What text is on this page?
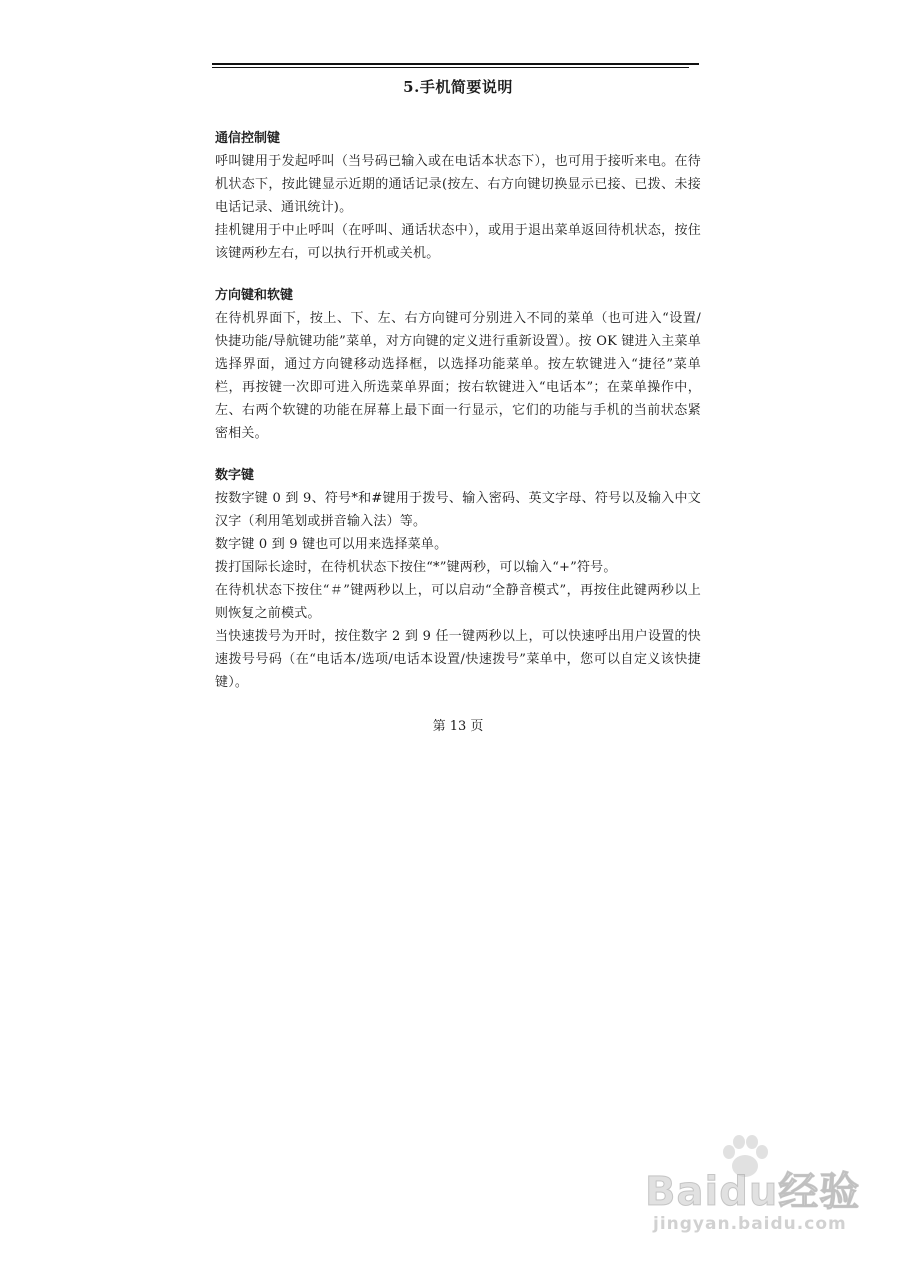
5.手机简要说明

通信控制键

呼叫键用于发起呼叫（当号码已输入或在电话本状态下），也可用于接听来电。在待机状态下，按此键显示近期的通话记录(按左、右方向键切换显示已接、已拨、未接电话记录、通讯统计)。

挂机键用于中止呼叫（在呼叫、通话状态中），或用于退出菜单返回待机状态，按住该键两秒左右，可以执行开机或关机。

方向键和软键

在待机界面下，按上、下、左、右方向键可分别进入不同的菜单（也可进入“设置/快捷功能/导航键功能”菜单，对方向键的定义进行重新设置）。按 OK 键进入主菜单选择界面，通过方向键移动选择框，以选择功能菜单。按左软键进入“捷径”菜单栏，再按键一次即可进入所选菜单界面；按右软键进入“电话本”；在菜单操作中，左、右两个软键的功能在屏幕上最下面一行显示，它们的功能与手机的当前状态紧密相关。

数字键

按数字键 0 到 9、符号*和#键用于拨号、输入密码、英文字母、符号以及输入中文汉字（利用笔划或拼音输入法）等。

数字键 0 到 9 键也可以用来选择菜单。

拨打国际长途时，在待机状态下按住“*”键两秒，可以输入“+”符号。

在待机状态下按住“＃”键两秒以上，可以启动“全静音模式”，再按住此键两秒以上则恢复之前模式。

当快速拨号为开时，按住数字 2 到 9 任一键两秒以上，可以快速呼出用户设置的快速拨号号码（在“电话本/选项/电话本设置/快速拨号”菜单中，您可以自定义该快捷键）。

第 13 页
Baidu经验
jingyan.baidu.com
